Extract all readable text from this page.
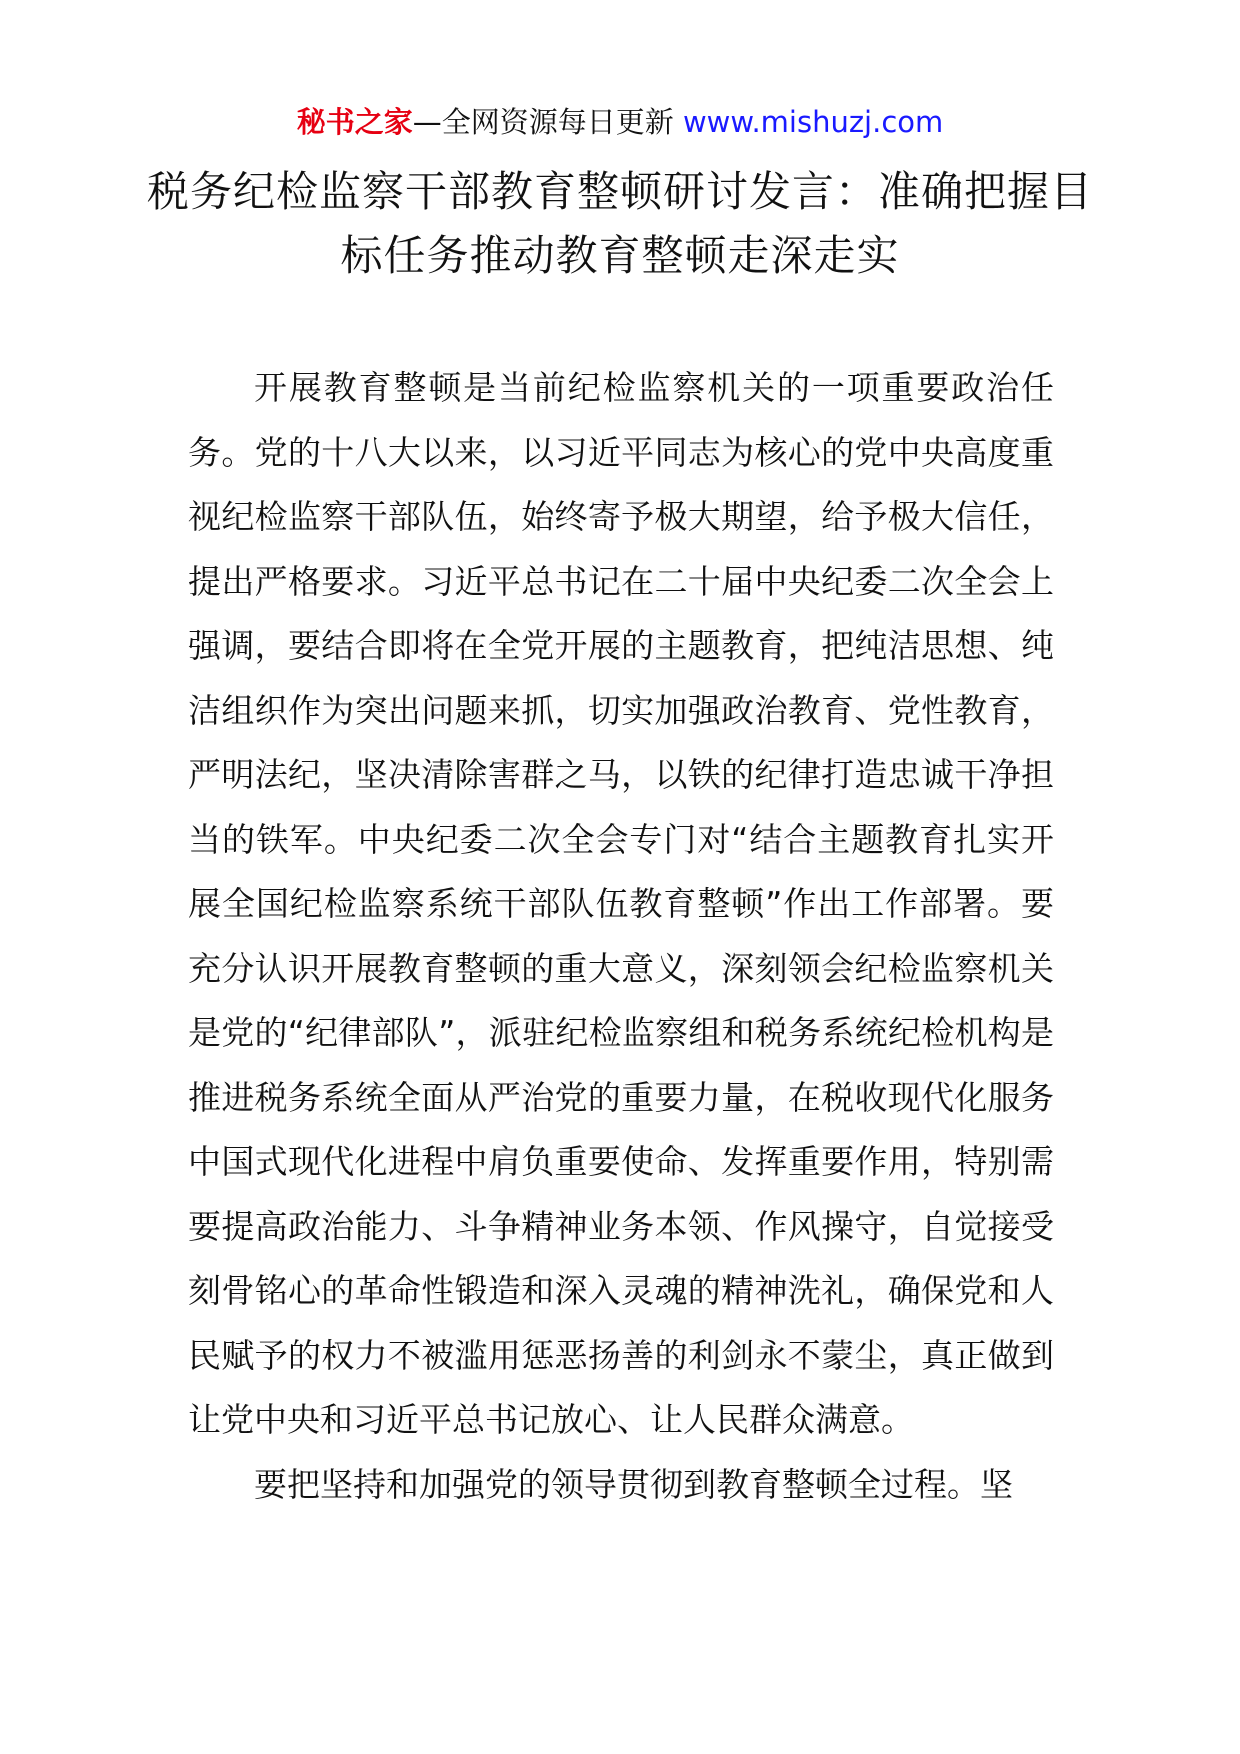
秘书之家—全网资源每日更新 www.mishuzj.com
税务纪检监察干部教育整顿研讨发言：准确把握目标任务推动教育整顿走深走实

开展教育整顿是当前纪检监察机关的一项重要政治任务。党的十八大以来，以习近平同志为核心的党中央高度重视纪检监察干部队伍，始终寄予极大期望，给予极大信任，提出严格要求。习近平总书记在二十届中央纪委二次全会上强调，要结合即将在全党开展的主题教育，把纯洁思想、纯洁组织作为突出问题来抓，切实加强政治教育、党性教育，严明法纪，坚决清除害群之马，以铁的纪律打造忠诚干净担当的铁军。中央纪委二次全会专门对“结合主题教育扎实开展全国纪检监察系统干部队伍教育整顿”作出工作部署。要充分认识开展教育整顿的重大意义，深刻领会纪检监察机关是党的“纪律部队”，派驻纪检监察组和税务系统纪检机构是推进税务系统全面从严治党的重要力量，在税收现代化服务中国式现代化进程中肩负重要使命、发挥重要作用，特别需要提高政治能力、斗争精神业务本领、作风操守，自觉接受刻骨铭心的革命性锻造和深入灵魂的精神洗礼，确保党和人民赋予的权力不被滥用惩恶扬善的利剑永不蒙尘，真正做到让党中央和习近平总书记放心、让人民群众满意。

要把坚持和加强党的领导贯彻到教育整顿全过程。坚
